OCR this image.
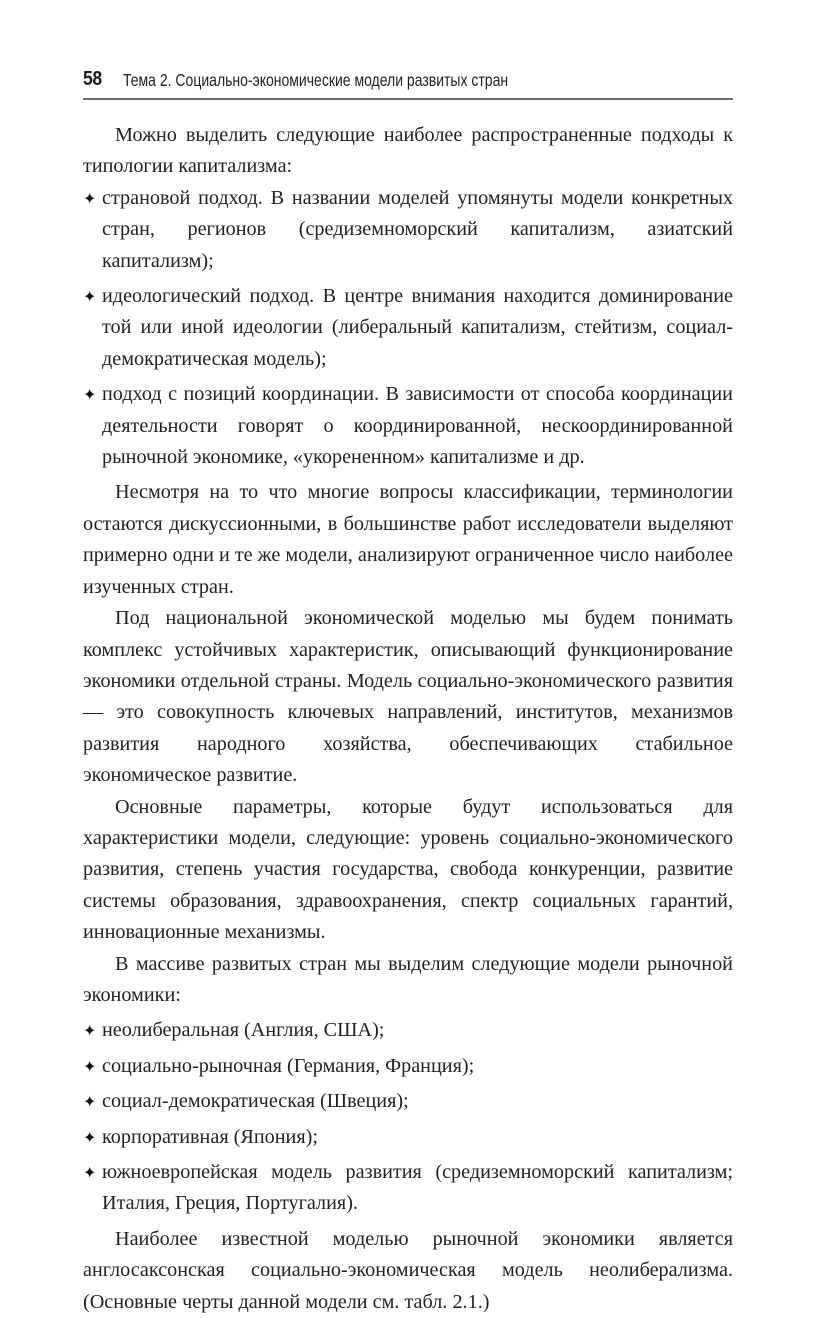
58 Тема 2. Социально-экономические модели развитых стран

Можно выделить следующие наиболее распространенные подходы к типологии капитализма:

✦ страновой подход. В названии моделей упомянуты модели конкретных стран, регионов (средиземноморский капитализм, азиатский капитализм);
✦ идеологический подход. В центре внимания находится доминирование той или иной идеологии (либеральный капитализм, стейтизм, социал-демократическая модель);
✦ подход с позиций координации. В зависимости от способа координации деятельности говорят о координированной, нескоординированной рыночной экономике, «укорененном» капитализме и др.

Несмотря на то что многие вопросы классификации, терминологии остаются дискуссионными, в большинстве работ исследователи выделяют примерно одни и те же модели, анализируют ограниченное число наиболее изученных стран.

Под национальной экономической моделью мы будем понимать комплекс устойчивых характеристик, описывающий функционирование экономики отдельной страны. Модель социально-экономического развития — это совокупность ключевых направлений, институтов, механизмов развития народного хозяйства, обеспечивающих стабильное экономическое развитие.

Основные параметры, которые будут использоваться для характеристики модели, следующие: уровень социально-экономического развития, степень участия государства, свобода конкуренции, развитие системы образования, здравоохранения, спектр социальных гарантий, инновационные механизмы.

В массиве развитых стран мы выделим следующие модели рыночной экономики:

✦ неолиберальная (Англия, США);
✦ социально-рыночная (Германия, Франция);
✦ социал-демократическая (Швеция);
✦ корпоративная (Япония);
✦ южноевропейская модель развития (средиземноморский капитализм; Италия, Греция, Португалия).

Наиболее известной моделью рыночной экономики является англосаксонская социально-экономическая модель неолиберализма. (Основные черты данной модели см. табл. 2.1.)
